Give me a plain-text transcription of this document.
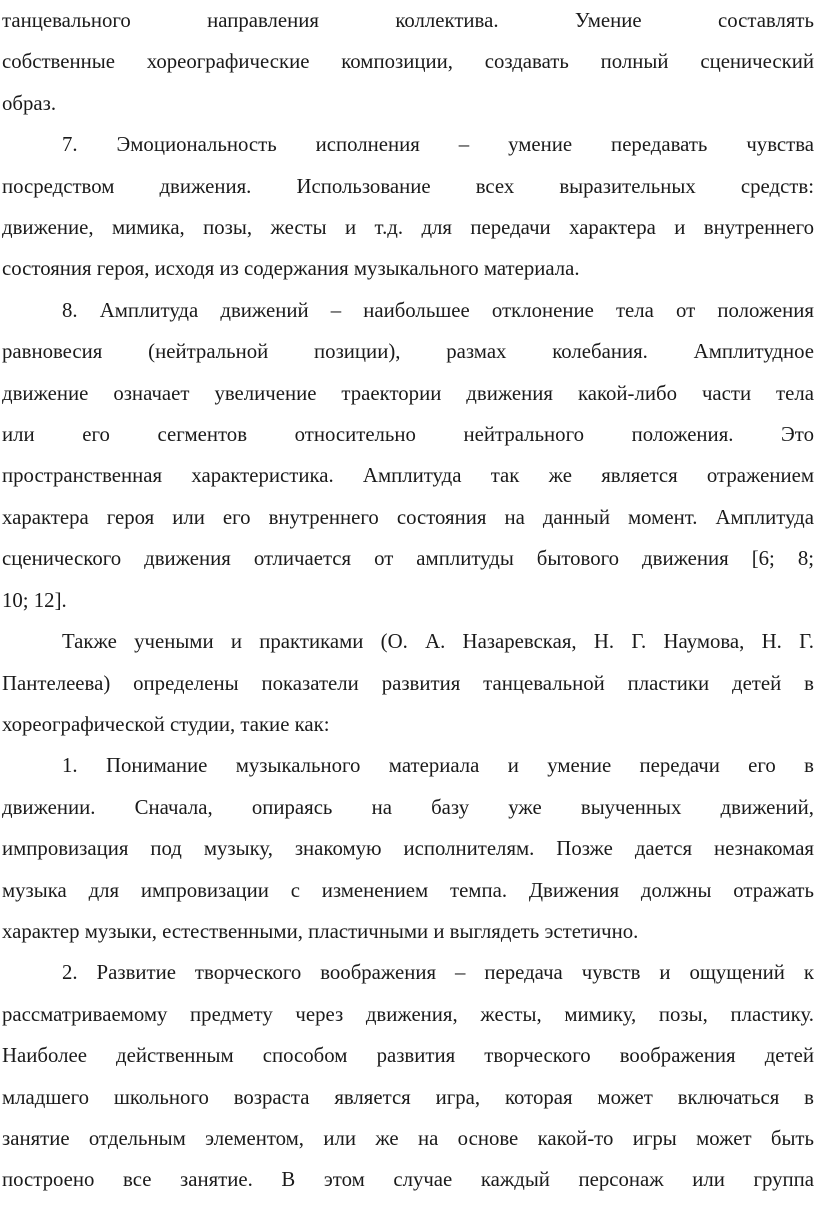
танцевального направления коллектива. Умение составлять
собственные хореографические композиции, создавать полный сценический
образ.
7. Эмоциональность исполнения – умение передавать чувства
посредством движения. Использование всех выразительных средств:
движение, мимика, позы, жесты и т.д. для передачи характера и внутреннего
состояния героя, исходя из содержания музыкального материала.
8. Амплитуда движений – наибольшее отклонение тела от положения
равновесия (нейтральной позиции), размах колебания. Амплитудное
движение означает увеличение траектории движения какой-либо части тела
или его сегментов относительно нейтрального положения. Это
пространственная характеристика. Амплитуда так же является отражением
характера героя или его внутреннего состояния на данный момент. Амплитуда
сценического движения отличается от амплитуды бытового движения [6; 8;
10; 12].
Также учеными и практиками (О. А. Назаревская, Н. Г. Наумова, Н. Г.
Пантелеева) определены показатели развития танцевальной пластики детей в
хореографической студии, такие как:
1. Понимание музыкального материала и умение передачи его в
движении. Сначала, опираясь на базу уже выученных движений,
импровизация под музыку, знакомую исполнителям. Позже дается незнакомая
музыка для импровизации с изменением темпа. Движения должны отражать
характер музыки, естественными, пластичными и выглядеть эстетично.
2. Развитие творческого воображения – передача чувств и ощущений к
рассматриваемому предмету через движения, жесты, мимику, позы, пластику.
Наиболее действенным способом развития творческого воображения детей
младшего школьного возраста является игра, которая может включаться в
занятие отдельным элементом, или же на основе какой-то игры может быть
построено все занятие. В этом случае каждый персонаж или группа
